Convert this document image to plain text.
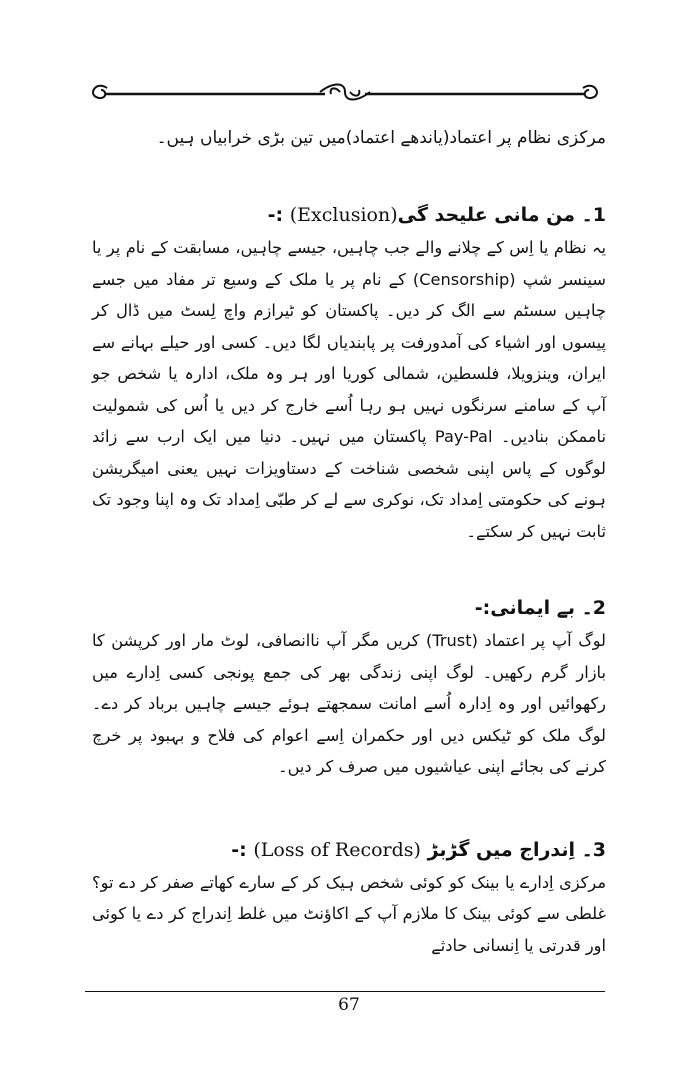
مرکزی نظام پر اعتماد(یاندھے اعتماد)میں تین بڑی خرابیاں ہیں۔

1۔ من مانی علیحد گی(Exclusion) :-

یہ نظام یا اِس کے چلانے والے جب چاہیں، جیسے چاہیں، مسابقت کے نام پر یا سینسر شپ (Censorship) کے نام پر یا ملک کے وسیع تر مفاد میں جسے چاہیں سسٹم سے الگ کر دیں۔ پاکستان کو ٹیرازم واچ لِسٹ میں ڈال کر پیسوں اور اشیاء کی آمدورفت پر پابندیاں لگا دیں۔ کسی اور حیلے بہانے سے ایران، وینزویلا، فلسطین، شمالی کوریا اور ہر وہ ملک، ادارہ یا شخص جو آپ کے سامنے سرنگوں نہیں ہو رہا اُسے خارج کر دیں یا اُس کی شمولیت ناممکن بنادیں۔ Pay-Pal پاکستان میں نہیں۔ دنیا میں ایک ارب سے زائد لوگوں کے پاس اپنی شخصی شناخت کے دستاویزات نہیں یعنی امیگریشن ہونے کی حکومتی اِمداد تک، نوکری سے لے کر طبّی اِمداد تک وہ اپنا وجود تک ثابت نہیں کر سکتے۔

2۔ بے ایمانی:-

لوگ آپ پر اعتماد (Trust) کریں مگر آپ ناانصافی، لوٹ مار اور کرپشن کا بازار گرم رکھیں۔ لوگ اپنی زندگی بھر کی جمع پونجی کسی اِدارے میں رکھوائیں اور وہ اِدارہ اُسے امانت سمجھتے ہوئے جیسے چاہیں برباد کر دے۔ لوگ ملک کو ٹیکس دیں اور حکمران اِسے اعوام کی فلاح و بہبود پر خرچ کرنے کی بجائے اپنی عیاشیوں میں صرف کر دیں۔

3۔ اِندراج میں گڑبڑ (Loss of Records) :-

مرکزی اِدارے یا بینک کو کوئی شخص ہیک کر کے سارے کھاتے صفر کر دے تو؟ غلطی سے کوئی بینک کا ملازم آپ کے اکاؤنٹ میں غلط اِندراج کر دے یا کوئی اور قدرتی یا اِنسانی حادثے

67
